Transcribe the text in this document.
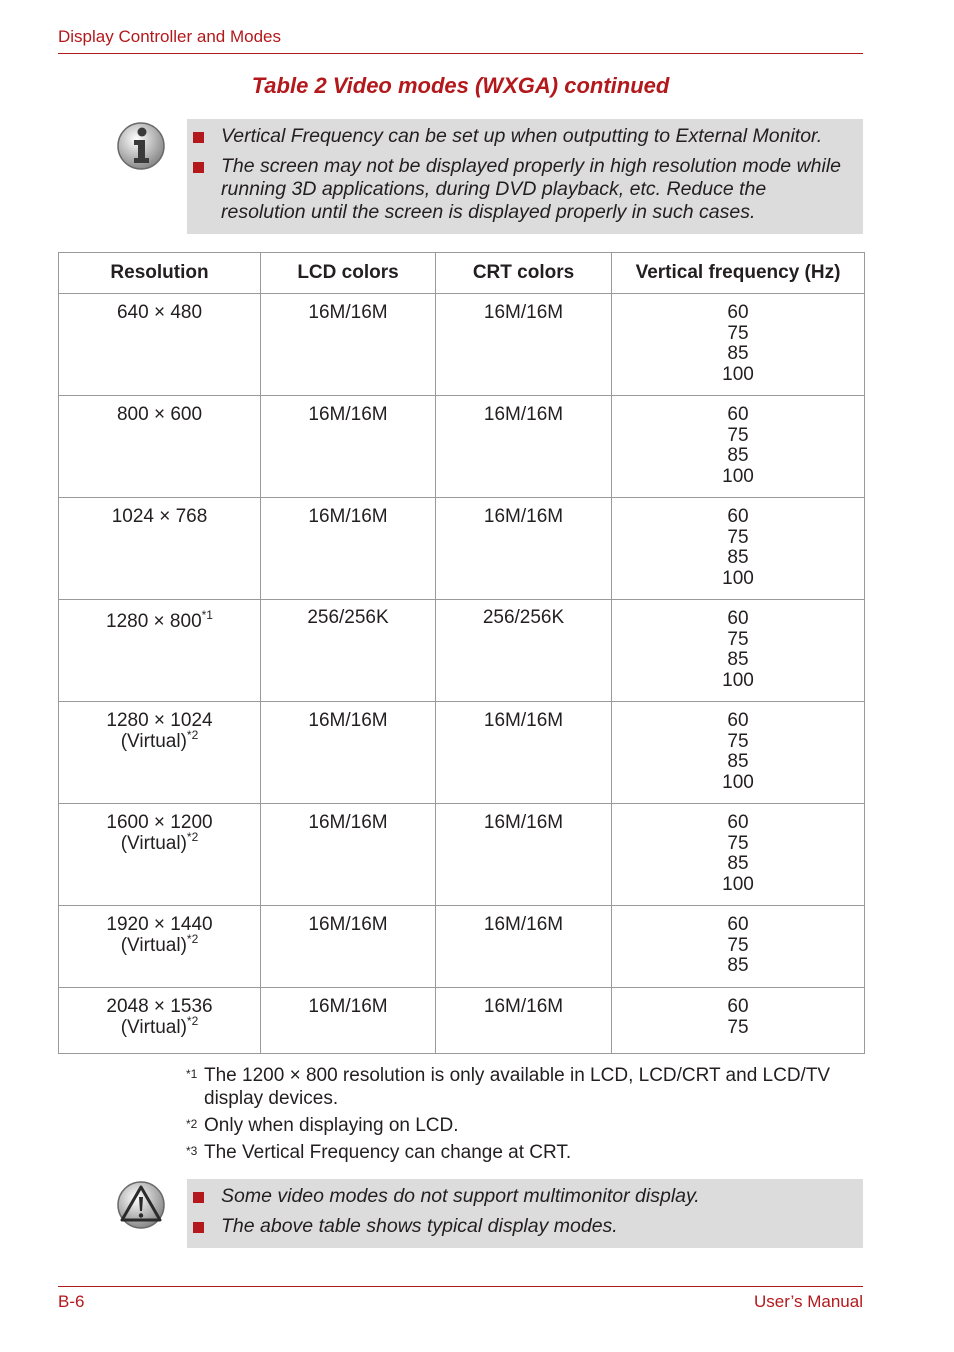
Display Controller and Modes
Table 2 Video modes (WXGA) continued
Vertical Frequency can be set up when outputting to External Monitor.
The screen may not be displayed properly in high resolution mode while running 3D applications, during DVD playback, etc. Reduce the resolution until the screen is displayed properly in such cases.
Resolution	LCD colors	CRT colors	Vertical frequency (Hz)

640 × 480	16M/16M	16M/16M	60
75
85
100

800 × 600	16M/16M	16M/16M	60
75
85
100

1024 × 768	16M/16M	16M/16M	60
75
85
100

$1280 \times 800^{*1}$	256/256K	256/256K	60
75
85
100

1280 × 1024
(Virtual)$^{*2}$	16M/16M	16M/16M	60
75
85
100

1600 × 1200
(Virtual)$^{*2}$	16M/16M	16M/16M	60
75
85
100

1920 × 1440
(Virtual)$^{*2}$	16M/16M	16M/16M	60
75
85

2048 × 1536
(Virtual)$^{*2}$	16M/16M	16M/16M	60
75
*1 The 1200 × 800 resolution is only available in LCD, LCD/CRT and LCD/TV display devices.
*2 Only when displaying on LCD.
*3 The Vertical Frequency can change at CRT.
Some video modes do not support multimonitor display.
The above table shows typical display modes.
B-6	User’s Manual
